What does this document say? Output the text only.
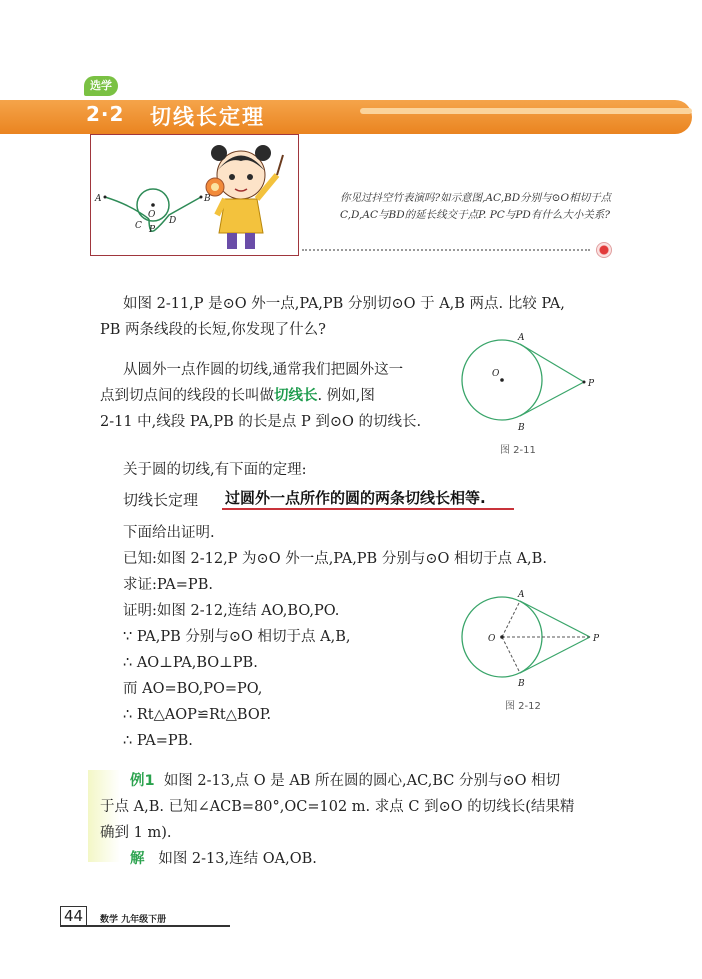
选学
2·2 切线长定理
A	B
O
C P
D
你见过抖空竹表演吗?如示意图,AC,BD分别与⊙O相切于点C,D,AC与BD的延长线交于点P. PC与PD有什么大小关系?
如图 2-11,P 是⊙O 外一点,PA,PB 分别切⊙O 于 A,B 两点. 比较 PA,
PB 两条线段的长短,你发现了什么?
从圆外一点作圆的切线,通常我们把圆外这一
点到切点间的线段的长叫做切线长. 例如,图
2-11 中,线段 PA,PB 的长是点 P 到⊙O 的切线长.
A
O
P
B
图 2-11
关于圆的切线,有下面的定理:
切线长定理 过圆外一点所作的圆的两条切线长相等.
下面给出证明.
已知:如图 2-12,P 为⊙O 外一点,PA,PB 分别与⊙O 相切于点 A,B.
求证:PA=PB.
证明:如图 2-12,连结 AO,BO,PO.
∵ PA,PB 分别与⊙O 相切于点 A,B,
∴ AO⊥PA,BO⊥PB.
而 AO=BO,PO=PO,
∴ Rt△AOP≌Rt△BOP.
∴ PA=PB.
A
O	P
B
图 2-12
例1 如图 2-13,点 O 是 AB 所在圆的圆心,AC,BC 分别与⊙O 相切
于点 A,B. 已知∠ACB=80°,OC=102 m. 求点 C 到⊙O 的切线长(结果精
确到 1 m).
解 如图 2-13,连结 OA,OB.
44	数学 九年级下册
